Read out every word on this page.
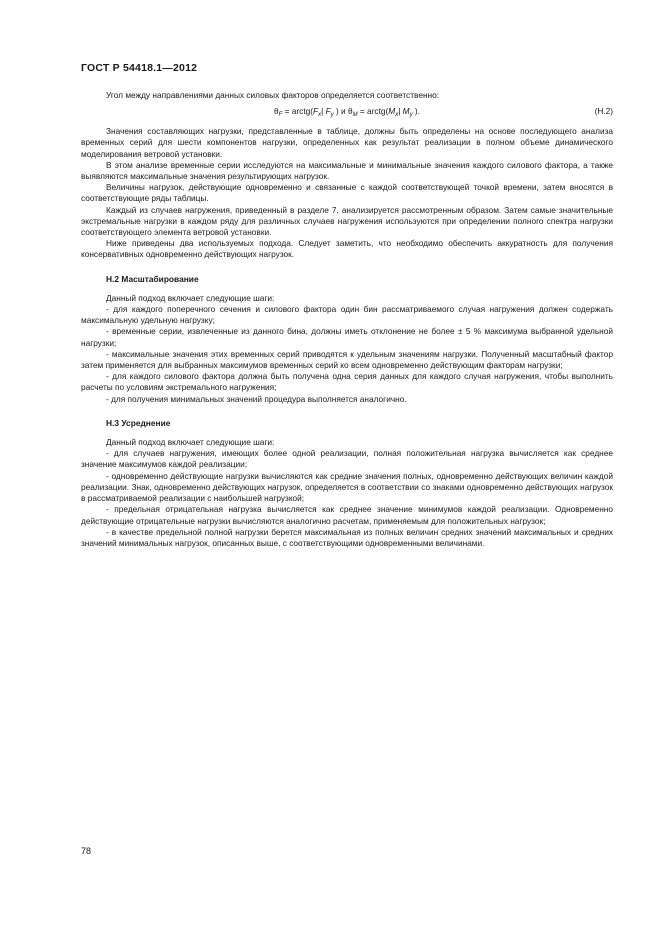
ГОСТ Р 54418.1—2012

Угол между направлениями данных силовых факторов определяется соответственно:

$\theta_F$ = $arctg(F_x|$ $F_y$ ) и $\theta_M$ = $arctg(M_x|$ $M_y$ ).	(Н.2)

Значения составляющих нагрузки, представленные в таблице, должны быть определены на основе последующего анализа временных серий для шести компонентов нагрузки, определенных как результат реализации в полном объеме динамического моделирования ветровой установки.

В этом анализе временные серии исследуются на максимальные и минимальные значения каждого силового фактора, а также выявляются максимальные значения результирующих нагрузок.

Величины нагрузок, действующие одновременно и связанные с каждой соответствующей точкой времени, затем вносятся в соответствующие ряды таблицы.

Каждый из случаев нагружения, приведенный в разделе 7, анализируется рассмотренным образом. Затем самые значительные экстремальные нагрузки в каждом ряду для различных случаев нагружения используются при определении полного спектра нагрузки соответствующего элемента ветровой установки.

Ниже приведены два используемых подхода. Следует заметить, что необходимо обеспечить аккуратность для получения консервативных одновременно действующих нагрузок.

Н.2 Масштабирование

Данный подход включает следующие шаги:

- для каждого поперечного сечения и силового фактора один бин рассматриваемого случая нагружения должен содержать максимальную удельную нагрузку;

- временные серии, извлеченные из данного бина, должны иметь отклонение не более ± 5 % максимума выбранной удельной нагрузки;

- максимальные значения этих временных серий приводятся к удельным значениям нагрузки. Полученный масштабный фактор затем применяется для выбранных максимумов временных серий ко всем одновременно действующим факторам нагрузки;

- для каждого силового фактора должна быть получена одна серия данных для каждого случая нагружения, чтобы выполнить расчеты по условиям экстремального нагружения;

- для получения минимальных значений процедура выполняется аналогично.

Н.3 Усреднение

Данный подход включает следующие шаги:

- для случаев нагружения, имеющих более одной реализации, полная положительная нагрузка вычисляется как среднее значение максимумов каждой реализации;

- одновременно действующие нагрузки вычисляются как средние значения полных, одновременно действующих величин каждой реализации. Знак, одновременно действующих нагрузок, определяется в соответствии со знаками одновременно действующих нагрузок в рассматриваемой реализации с наибольшей нагрузкой;

- предельная отрицательная нагрузка вычисляется как среднее значение минимумов каждой реализации. Одновременно действующие отрицательные нагрузки вычисляются аналогично расчетам, применяемым для положительных нагрузок;

- в качестве предельной полной нагрузки берется максимальная из полных величин средних значений максимальных и средних значений минимальных нагрузок, описанных выше, с соответствующими одновременными величинами.

78
